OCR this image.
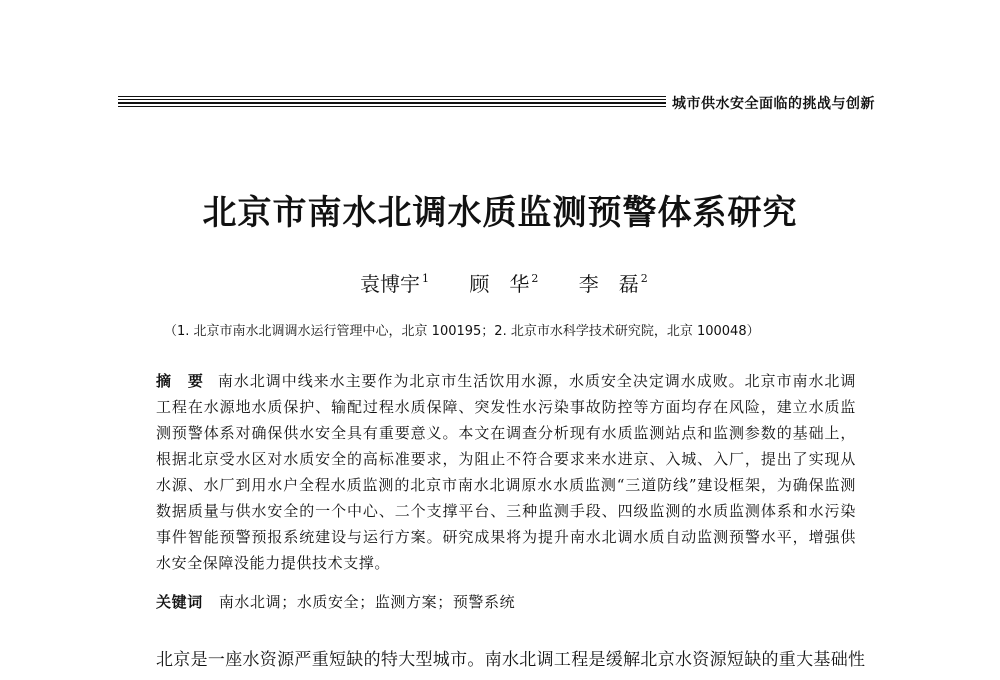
城市供水安全面临的挑战与创新
北京市南水北调水质监测预警体系研究
袁博宇 $^1$ 顾　华 $^2$ 李　磊 $^2$
（1. 北京市南水北调调水运行管理中心，北京 100195；2. 北京市水科学技术研究院，北京 100048）
摘　要 南水北调中线来水主要作为北京市生活饮用水源，水质安全决定调水成败。北京市南水北调工程在水源地水质保护、输配过程水质保障、突发性水污染事故防控等方面均存在风险，建立水质监测预警体系对确保供水安全具有重要意义。本文在调查分析现有水质监测站点和监测参数的基础上，根据北京受水区对水质安全的高标准要求，为阻止不符合要求来水进京、入城、入厂，提出了实现从水源、水厂到用水户全程水质监测的北京市南水北调原水水质监测“三道防线”建设框架，为确保监测数据质量与供水安全的一个中心、二个支撑平台、三种监测手段、四级监测的水质监测体系和水污染事件智能预警预报系统建设与运行方案。研究成果将为提升南水北调水质自动监测预警水平，增强供水安全保障没能力提供技术支撑。
关键词 南水北调；水质安全；监测方案；预警系统
北京是一座水资源严重短缺的特大型城市。南水北调工程是缓解北京水资源短缺的重大基础性
